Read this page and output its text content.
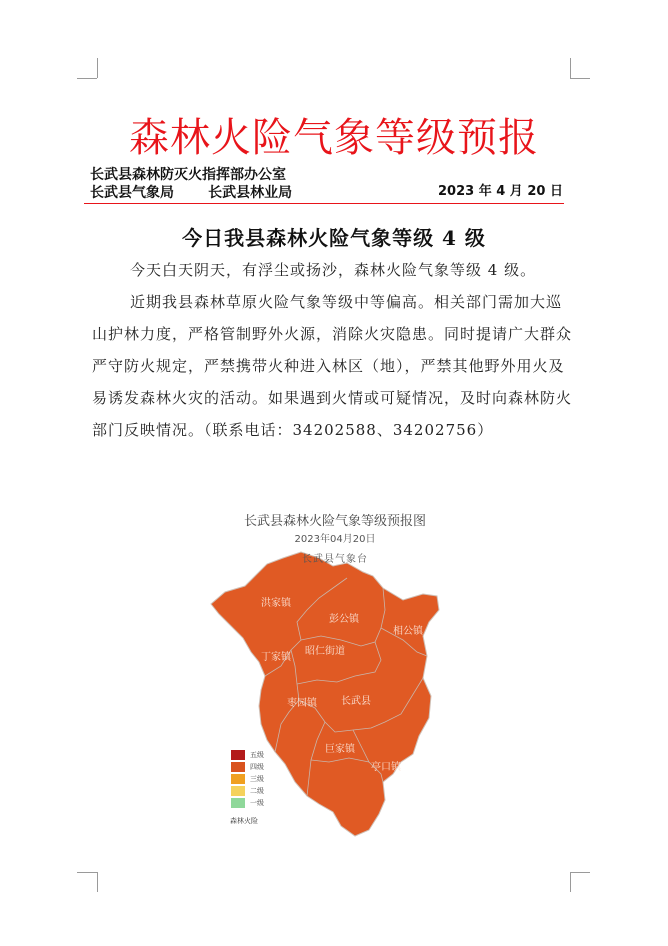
森林火险气象等级预报
长武县森林防灭火指挥部办公室
长武县气象局 长武县林业局	2023 年 4 月 20 日
今日我县森林火险气象等级 4 级
今天白天阴天，有浮尘或扬沙，森林火险气象等级 4 级。
近期我县森林草原火险气象等级中等偏高。相关部门需加大巡山护林力度，严格管制野外火源，消除火灾隐患。同时提请广大群众严守防火规定，严禁携带火种进入林区（地），严禁其他野外用火及易诱发森林火灾的活动。如果遇到火情或可疑情况，及时向森林防火部门反映情况。（联系电话：34202588、34202756）
长武县森林火险气象等级预报图
2023年04月20日
长武县气象台
洪家镇
彭公镇
相公镇
丁家镇
昭仁街道
枣园镇 长武县
巨家镇
亭口镇
五级
四级
三级
二级
一级
森林火险
